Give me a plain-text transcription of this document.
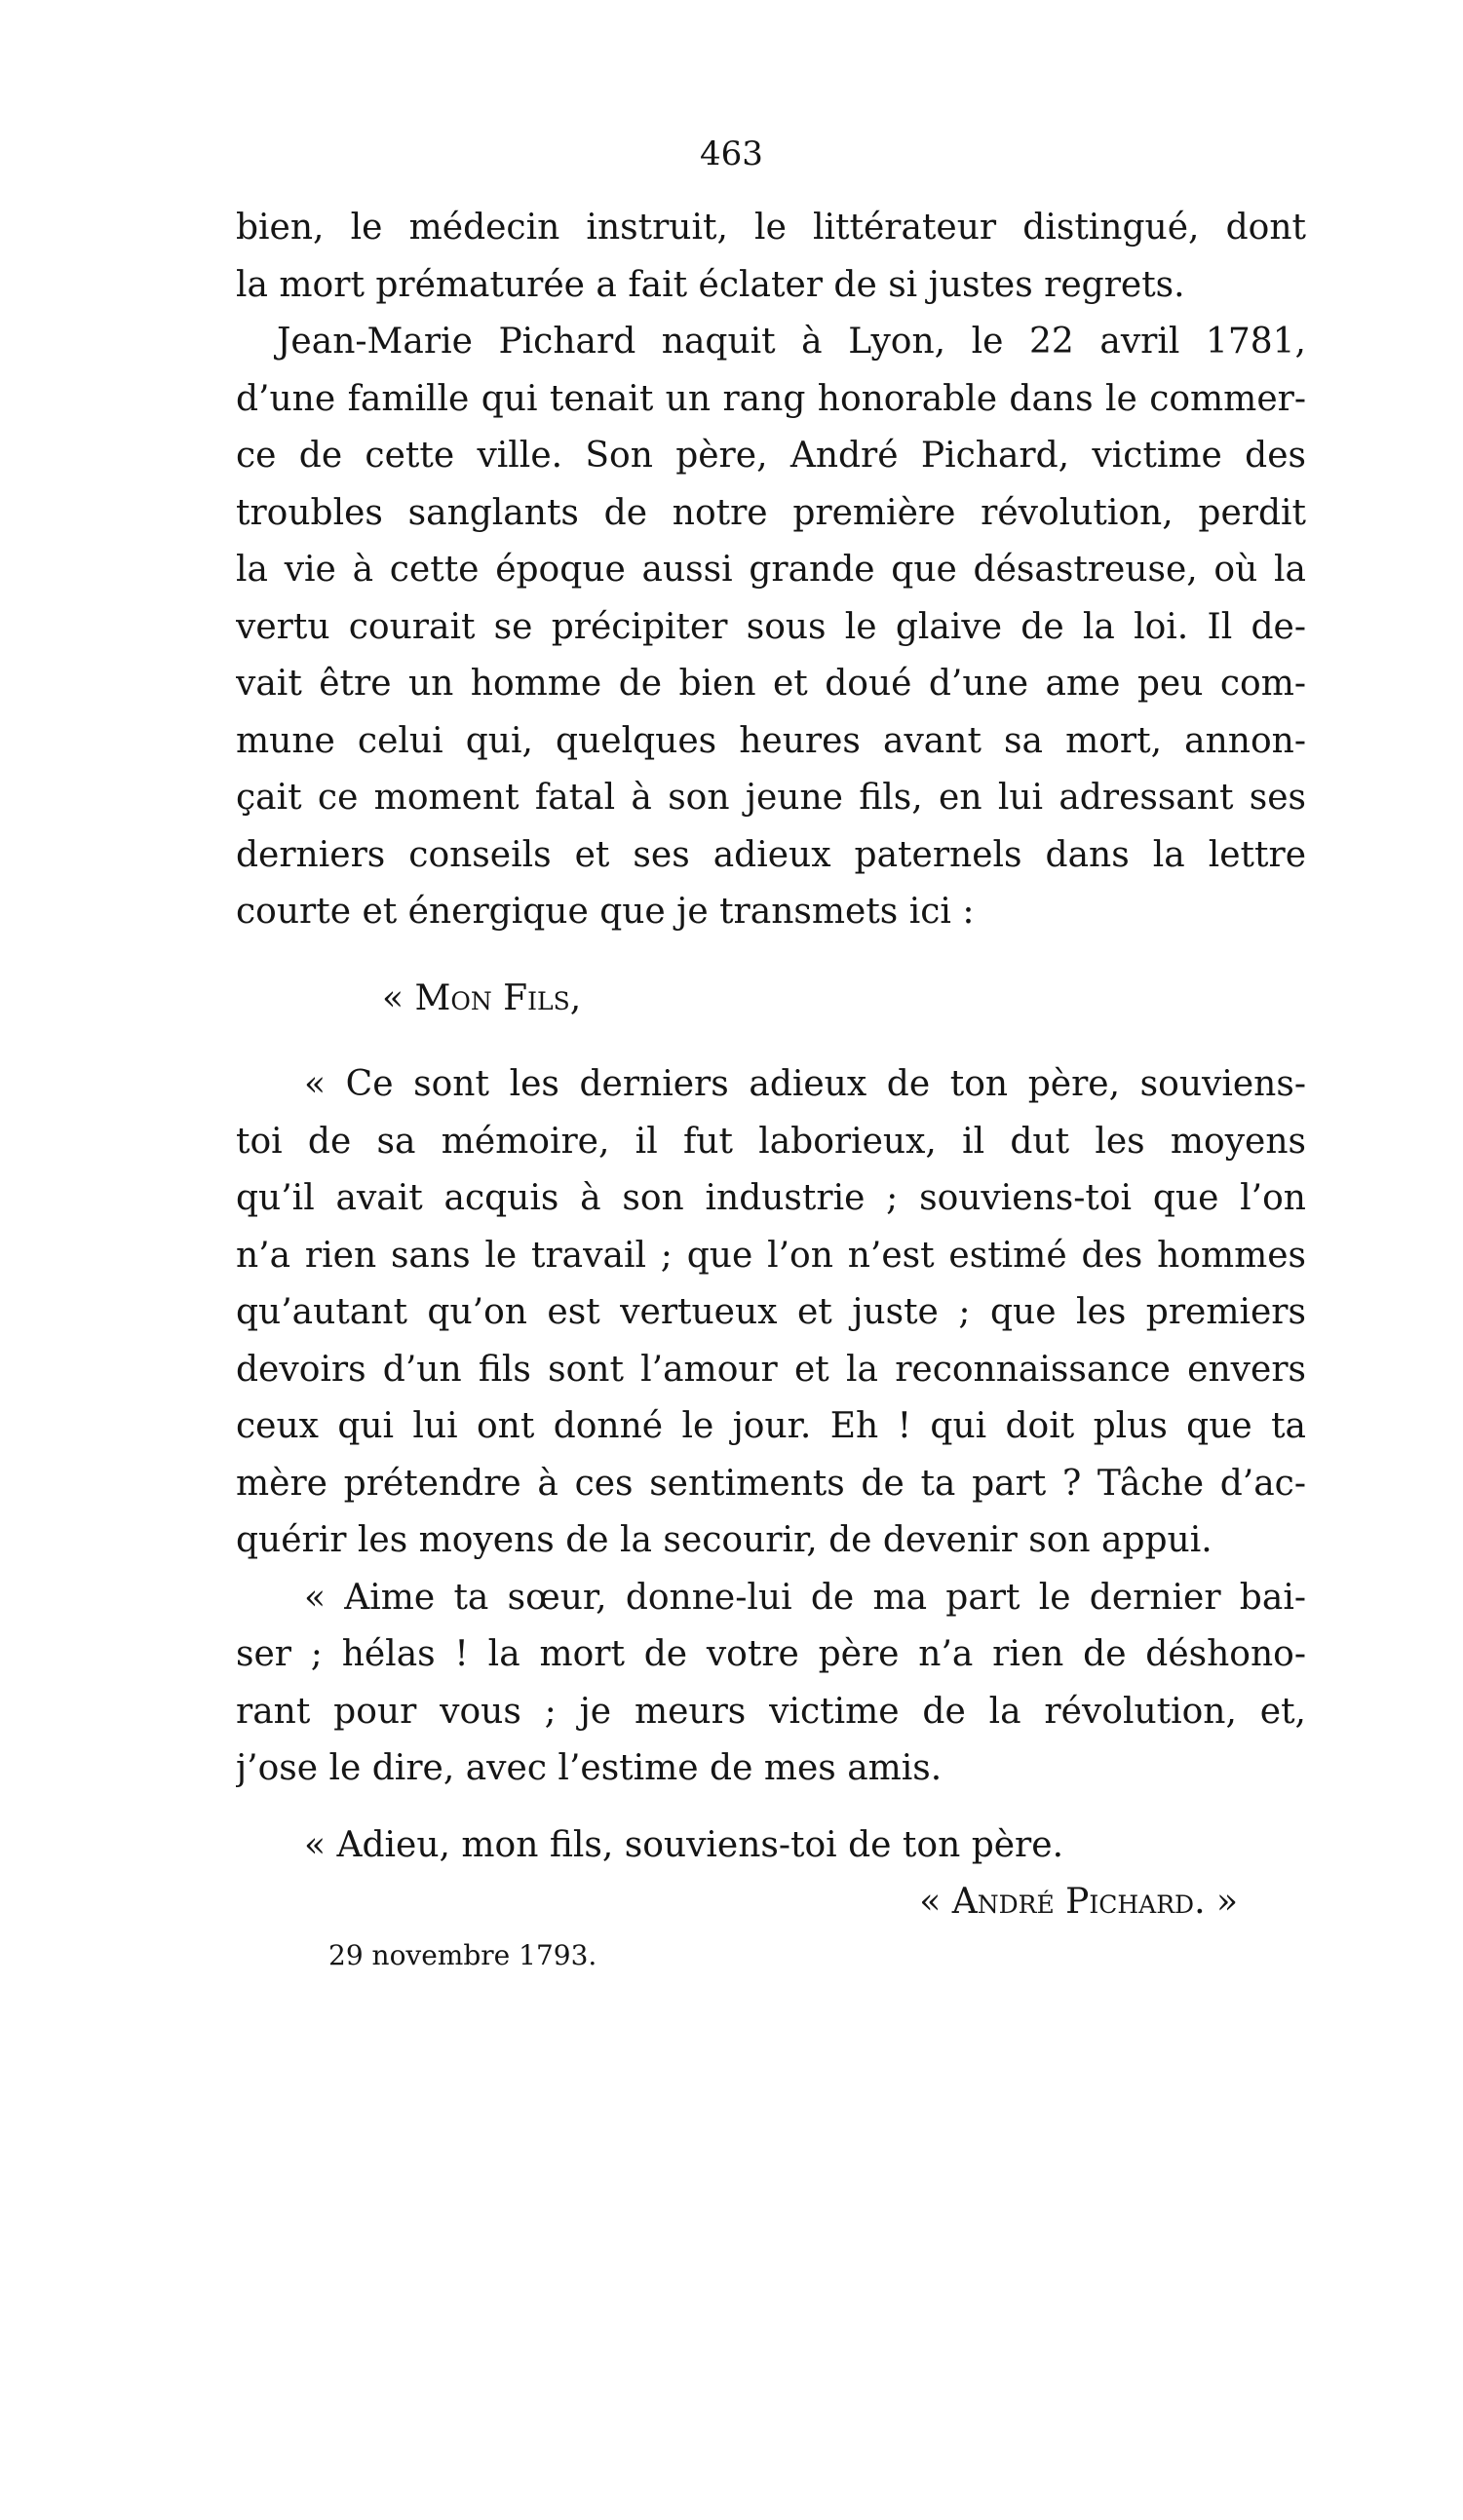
463
bien, le médecin instruit, le littérateur distingué, dont
la mort prématurée a fait éclater de si justes regrets.
Jean-Marie Pichard naquit à Lyon, le 22 avril 1781,
d’une famille qui tenait un rang honorable dans le commer-
ce de cette ville. Son père, André Pichard, victime des
troubles sanglants de notre première révolution, perdit
la vie à cette époque aussi grande que désastreuse, où la
vertu courait se précipiter sous le glaive de la loi. Il de-
vait être un homme de bien et doué d’une ame peu com-
mune celui qui, quelques heures avant sa mort, annon-
çait ce moment fatal à son jeune fils, en lui adressant ses
derniers conseils et ses adieux paternels dans la lettre
courte et énergique que je transmets ici :
« Mon Fils,
« Ce sont les derniers adieux de ton père, souviens-
toi de sa mémoire, il fut laborieux, il dut les moyens
qu’il avait acquis à son industrie ; souviens-toi que l’on
n’a rien sans le travail ; que l’on n’est estimé des hommes
qu’autant qu’on est vertueux et juste ; que les premiers
devoirs d’un fils sont l’amour et la reconnaissance envers
ceux qui lui ont donné le jour. Eh ! qui doit plus que ta
mère prétendre à ces sentiments de ta part ? Tâche d’ac-
quérir les moyens de la secourir, de devenir son appui.
« Aime ta sœur, donne-lui de ma part le dernier bai-
ser ; hélas ! la mort de votre père n’a rien de déshono-
rant pour vous ; je meurs victime de la révolution, et,
j’ose le dire, avec l’estime de mes amis.
« Adieu, mon fils, souviens-toi de ton père.
« André Pichard. »
29 novembre 1793.
